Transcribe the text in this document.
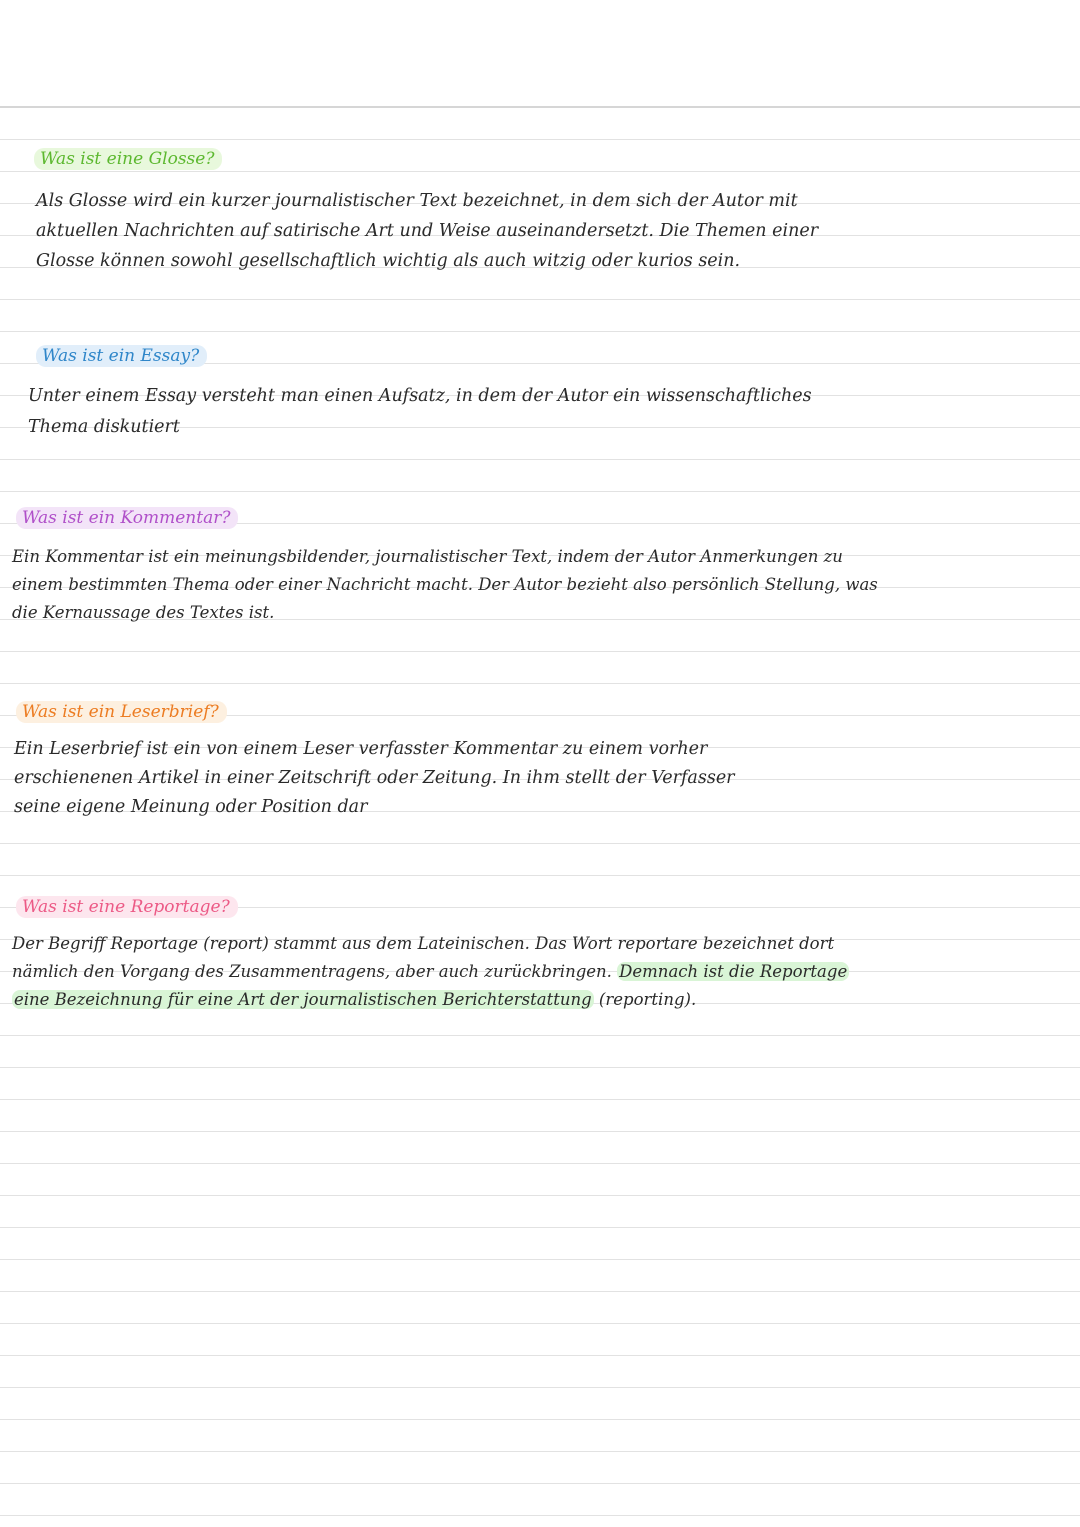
Was ist eine Glosse?

Als Glosse wird ein kurzer journalistischer Text bezeichnet, in dem sich der Autor mit
aktuellen Nachrichten auf satirische Art und Weise auseinandersetzt. Die Themen einer
Glosse können sowohl gesellschaftlich wichtig als auch witzig oder kurios sein.

Was ist ein Essay?

Unter einem Essay versteht man einen Aufsatz, in dem der Autor ein wissenschaftliches
Thema diskutiert

Was ist ein Kommentar?

Ein Kommentar ist ein meinungsbildender, journalistischer Text, indem der Autor Anmerkungen zu
einem bestimmten Thema oder einer Nachricht macht. Der Autor bezieht also persönlich Stellung, was
die Kernaussage des Textes ist.

Was ist ein Leserbrief?

Ein Leserbrief ist ein von einem Leser verfasster Kommentar zu einem vorher
erschienenen Artikel in einer Zeitschrift oder Zeitung. In ihm stellt der Verfasser
seine eigene Meinung oder Position dar

Was ist eine Reportage?

Der Begriff Reportage (report) stammt aus dem Lateinischen. Das Wort reportare bezeichnet dort
nämlich den Vorgang des Zusammentragens, aber auch zurückbringen. Demnach ist die Reportage
eine Bezeichnung für eine Art der journalistischen Berichterstattung (reporting).
